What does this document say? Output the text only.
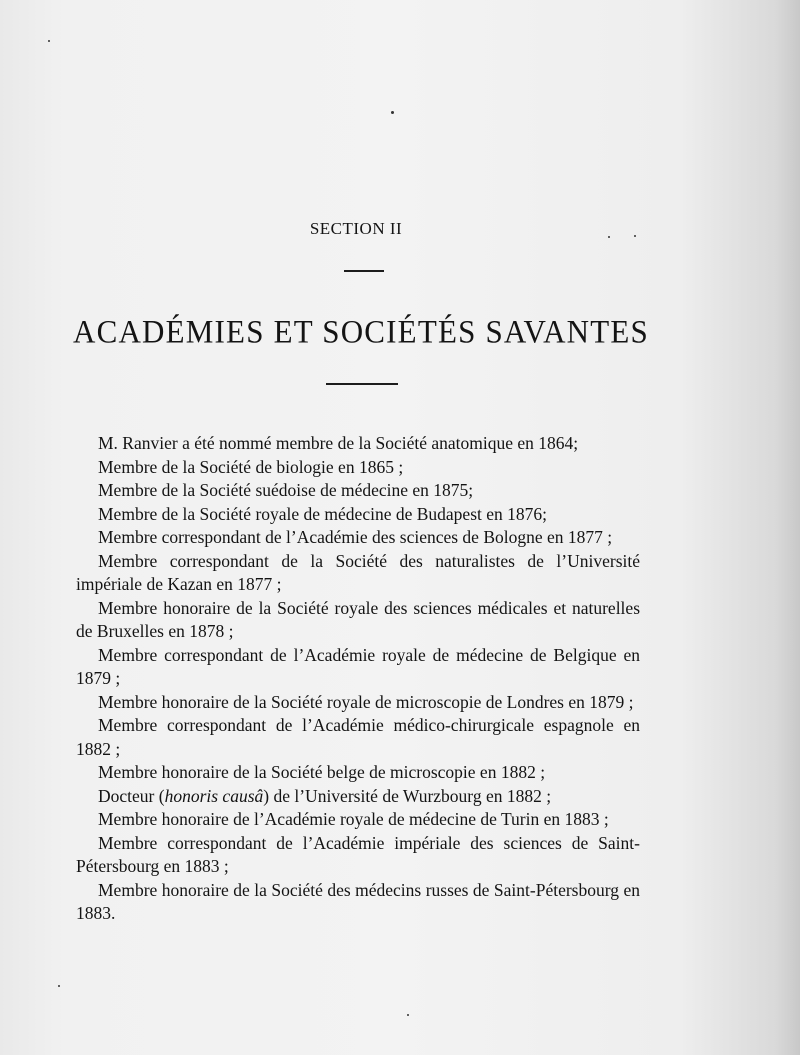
SECTION II
ACADÉMIES ET SOCIÉTÉS SAVANTES

M. Ranvier a été nommé membre de la Société anatomique en 1864;

Membre de la Société de biologie en 1865 ;

Membre de la Société suédoise de médecine en 1875;

Membre de la Société royale de médecine de Budapest en 1876;

Membre correspondant de l’Académie des sciences de Bologne en 1877 ;

Membre correspondant de la Société des naturalistes de l’Université impériale de Kazan en 1877 ;

Membre honoraire de la Société royale des sciences médicales et naturelles de Bruxelles en 1878 ;

Membre correspondant de l’Académie royale de médecine de Belgique en 1879 ;

Membre honoraire de la Société royale de microscopie de Londres en 1879 ;

Membre correspondant de l’Académie médico-chirurgicale espagnole en 1882 ;

Membre honoraire de la Société belge de microscopie en 1882 ;

Docteur (honoris causâ) de l’Université de Wurzbourg en 1882 ;

Membre honoraire de l’Académie royale de médecine de Turin en 1883 ;

Membre correspondant de l’Académie impériale des sciences de Saint-Pétersbourg en 1883 ;

Membre honoraire de la Société des médecins russes de Saint-Pétersbourg en 1883.
